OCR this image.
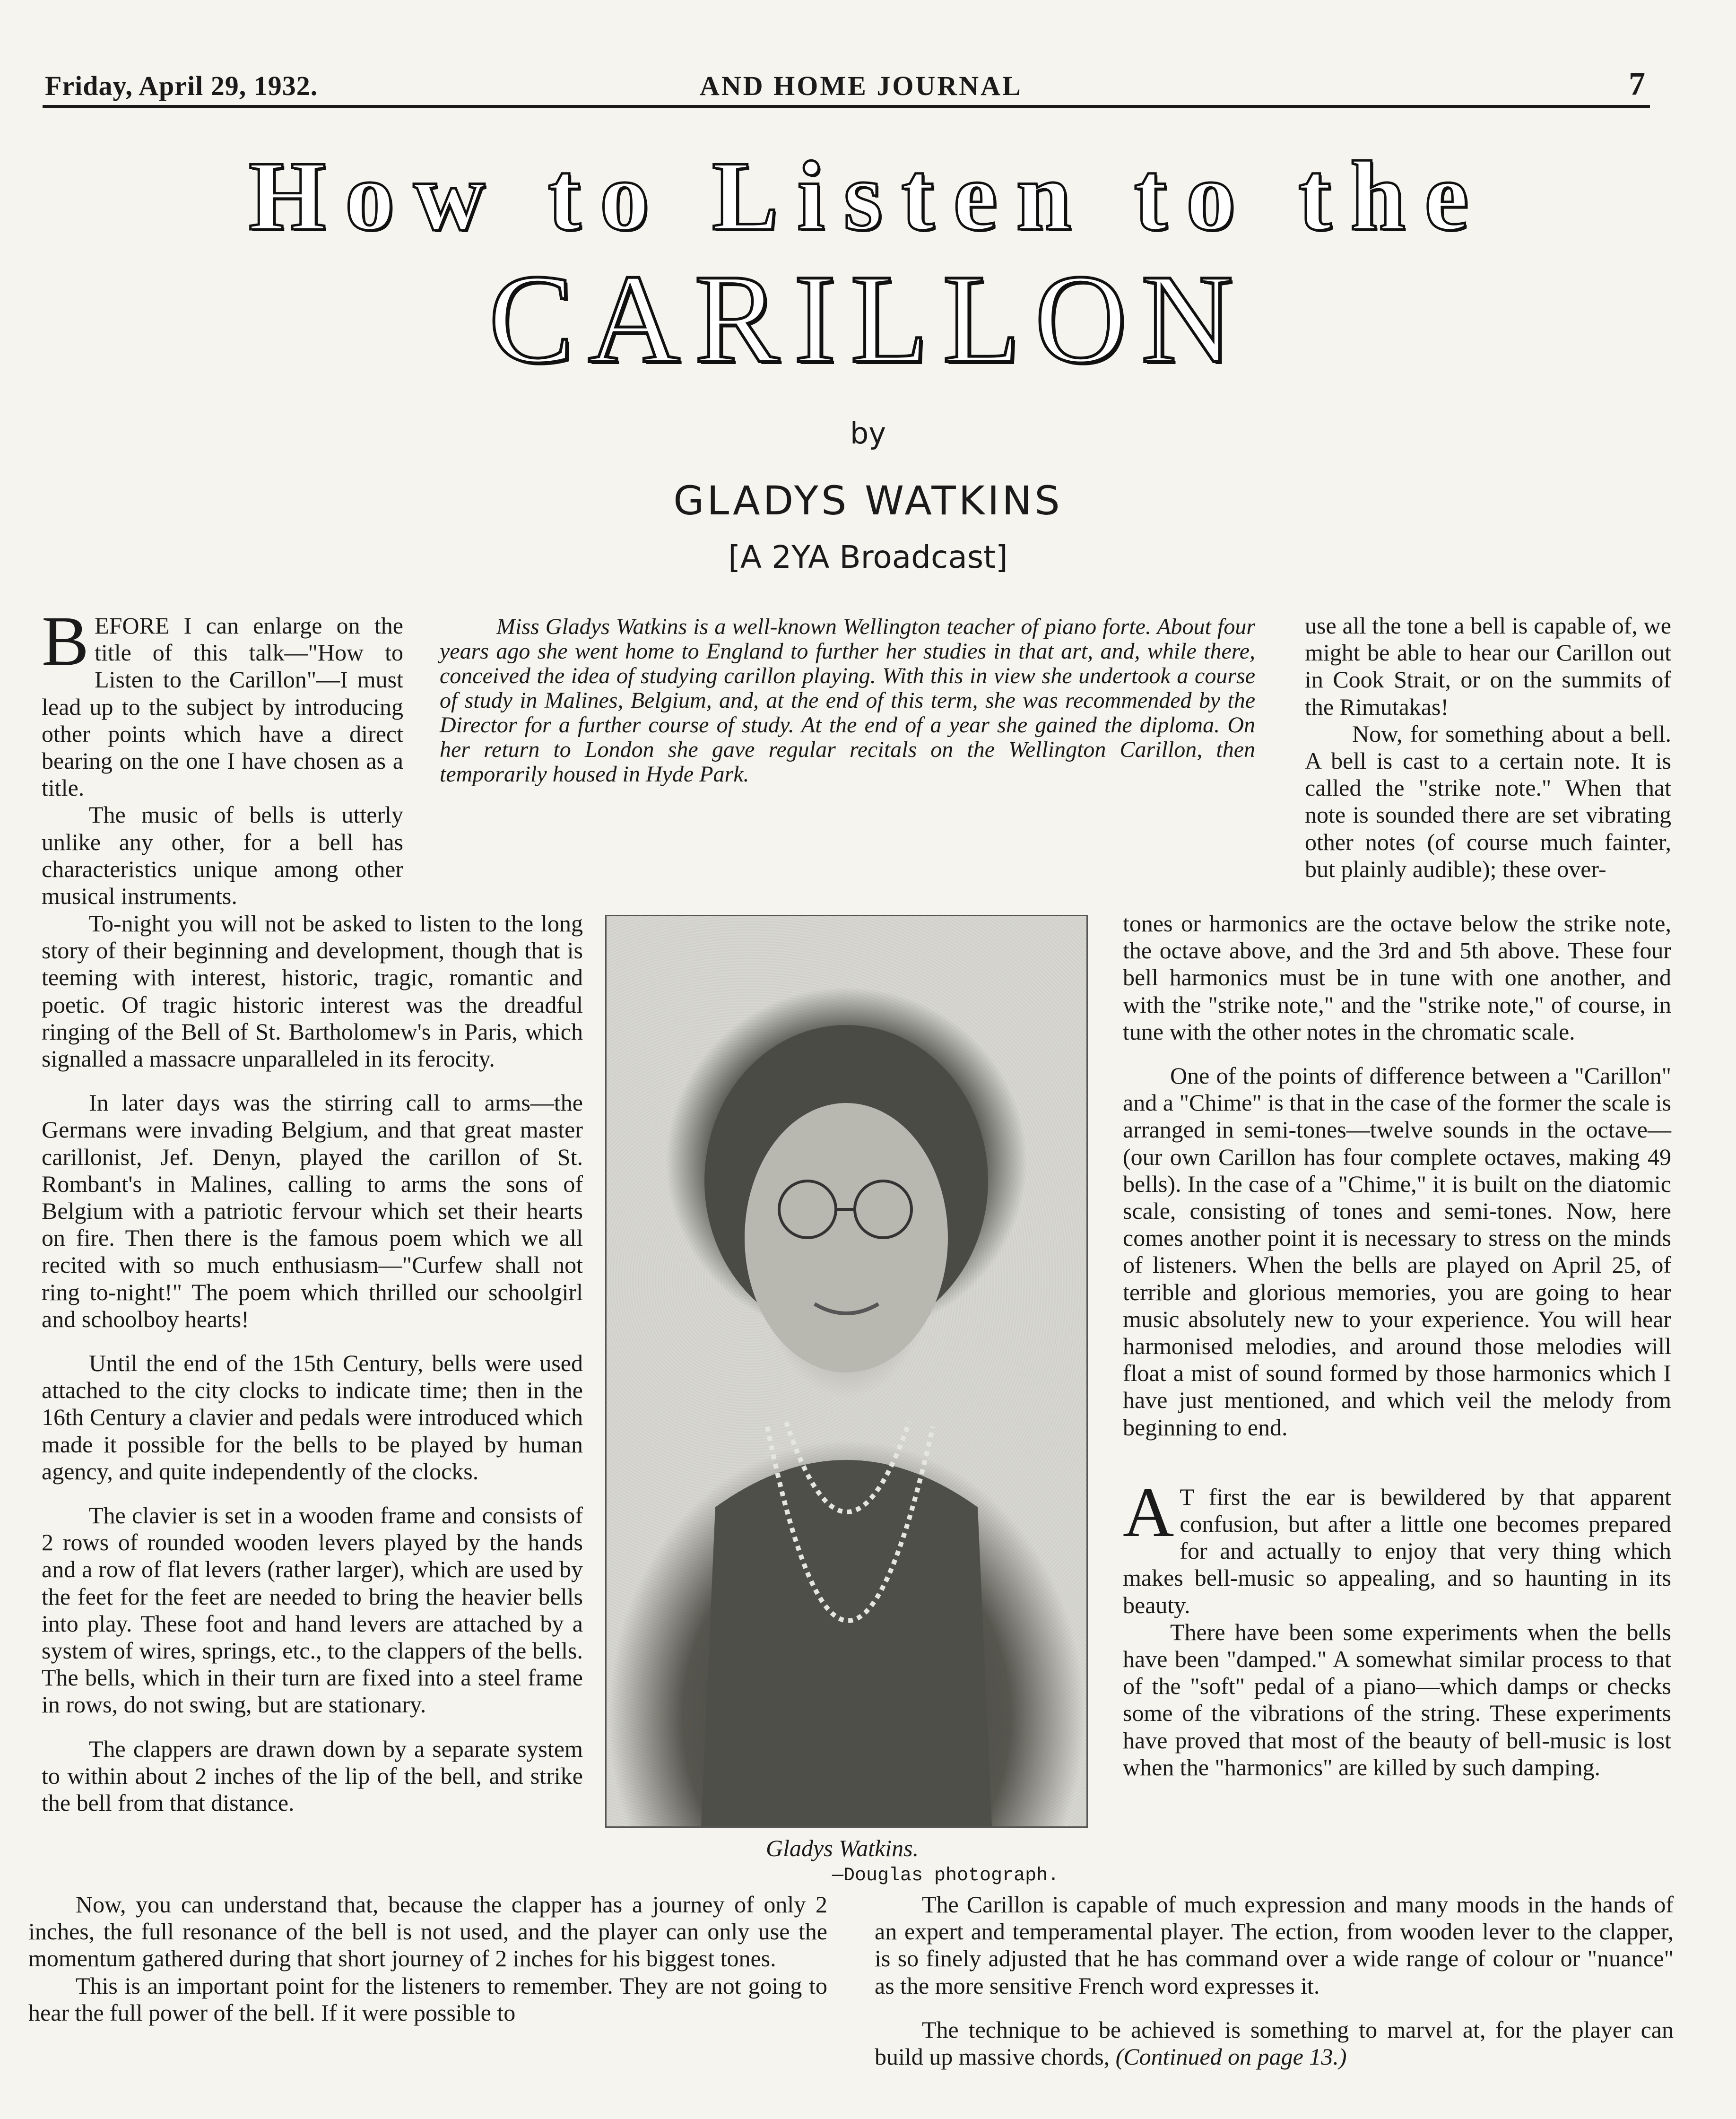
Friday, April 29, 1932.	AND HOME JOURNAL	7
How to Listen to the
CARILLON
by
GLADYS WATKINS
[A 2YA Broadcast]

BEFORE I can enlarge on the title of this talk—"How to Listen to the Carillon"—I must lead up to the subject by introducing other points which have a direct bearing on the one I have chosen as a title.

The music of bells is utterly unlike any other, for a bell has characteristics unique among other musical instruments.

Miss Gladys Watkins is a well-known Wellington teacher of piano forte. About four years ago she went home to England to further her studies in that art, and, while there, conceived the idea of studying carillon playing. With this in view she undertook a course of study in Malines, Belgium, and, at the end of this term, she was recommended by the Director for a further course of study. At the end of a year she gained the diploma. On her return to London she gave regular recitals on the Wellington Carillon, then temporarily housed in Hyde Park.

To-night you will not be asked to listen to the long story of their beginning and development, though that is teeming with interest, historic, tragic, romantic and poetic. Of tragic historic interest was the dreadful ringing of the Bell of St. Bartholomew's in Paris, which signalled a massacre unparalleled in its ferocity.

In later days was the stirring call to arms—the Germans were invading Belgium, and that great master carillonist, Jef. Denyn, played the carillon of St. Rombant's in Malines, calling to arms the sons of Belgium with a patriotic fervour which set their hearts on fire. Then there is the famous poem which we all recited with so much enthusiasm—"Curfew shall not ring to-night!" The poem which thrilled our schoolgirl and schoolboy hearts!

Until the end of the 15th Century, bells were used attached to the city clocks to indicate time; then in the 16th Century a clavier and pedals were introduced which made it possible for the bells to be played by human agency, and quite independently of the clocks.

The clavier is set in a wooden frame and consists of 2 rows of rounded wooden levers played by the hands and a row of flat levers (rather larger), which are used by the feet for the feet are needed to bring the heavier bells into play. These foot and hand levers are attached by a system of wires, springs, etc., to the clappers of the bells. The bells, which in their turn are fixed into a steel frame in rows, do not swing, but are stationary.

The clappers are drawn down by a separate system to within about 2 inches of the lip of the bell, and strike the bell from that distance.

Now, you can understand that, because the clapper has a journey of only 2 inches, the full resonance of the bell is not used, and the player can only use the momentum gathered during that short journey of 2 inches for his biggest tones.

This is an important point for the listeners to remember. They are not going to hear the full power of the bell. If it were possible to

Gladys Watkins.
—Douglas photograph.

use all the tone a bell is capable of, we might be able to hear our Carillon out in Cook Strait, or on the summits of the Rimutakas!

Now, for something about a bell. A bell is cast to a certain note. It is called the "strike note." When that note is sounded there are set vibrating other notes (of course much fainter, but plainly audible); these over-

tones or harmonics are the octave below the strike note, the octave above, and the 3rd and 5th above. These four bell harmonics must be in tune with one another, and with the "strike note," and the "strike note," of course, in tune with the other notes in the chromatic scale.

One of the points of difference between a "Carillon" and a "Chime" is that in the case of the former the scale is arranged in semi-tones—twelve sounds in the octave—(our own Carillon has four complete octaves, making 49 bells). In the case of a "Chime," it is built on the diatomic scale, consisting of tones and semi-tones. Now, here comes another point it is necessary to stress on the minds of listeners. When the bells are played on April 25, of terrible and glorious memories, you are going to hear music absolutely new to your experience. You will hear harmonised melodies, and around those melodies will float a mist of sound formed by those harmonics which I have just mentioned, and which veil the melody from beginning to end.

A T first the ear is bewildered by that apparent confusion, but after a little one becomes prepared for and actually to enjoy that very thing which makes bell-music so appealing, and so haunting in its beauty.

There have been some experiments when the bells have been "damped." A somewhat similar process to that of the "soft" pedal of a piano—which damps or checks some of the vibrations of the string. These experiments have proved that most of the beauty of bell-music is lost when the "harmonics" are killed by such damping.

The Carillon is capable of much expression and many moods in the hands of an expert and temperamental player. The ection, from wooden lever to the clapper, is so finely adjusted that he has command over a wide range of colour or "nuance" as the more sensitive French word expresses it.

The technique to be achieved is something to marvel at, for the player can build up massive chords, (Continued on page 13.)
